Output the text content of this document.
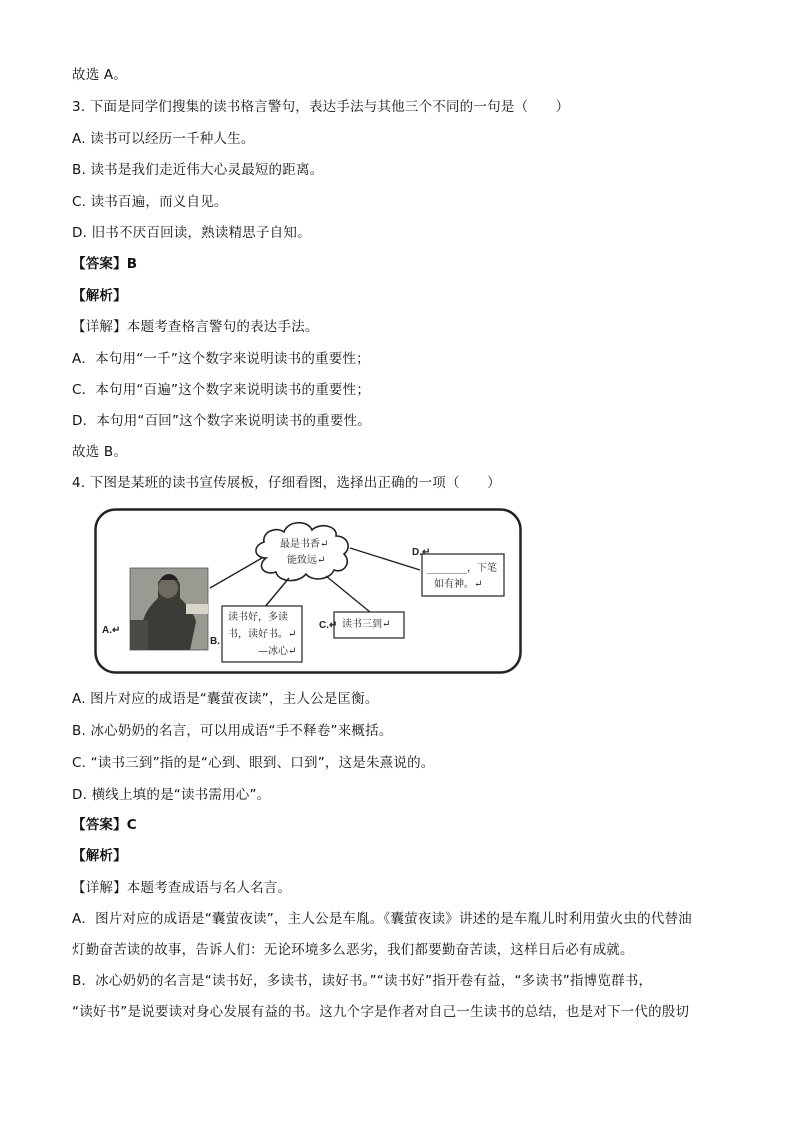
故选 A。
3. 下面是同学们搜集的读书格言警句，表达手法与其他三个不同的一句是（　　）
A. 读书可以经历一千种人生。
B. 读书是我们走近伟大心灵最短的距离。
C. 读书百遍，而义自见。
D. 旧书不厌百回读，熟读精思子自知。
【答案】B
【解析】
【详解】本题考查格言警句的表达手法。
A．本句用“一千”这个数字来说明读书的重要性；
C．本句用“百遍”这个数字来说明读书的重要性；
D．本句用“百回”这个数字来说明读书的重要性。
故选 B。
4. 下图是某班的读书宣传展板，仔细看图，选择出正确的一项（　　）
最是书香↵
能致远↵
A.↵
B.
C.↵
D.↵
读书好，多读
书，读好书。↵
—冰心↵
读书三到↵
________，下笔
如有神。↵
A. 图片对应的成语是“囊萤夜读”，主人公是匡衡。
B. 冰心奶奶的名言，可以用成语“手不释卷”来概括。
C. “读书三到”指的是“心到、眼到、口到”，这是朱熹说的。
D. 横线上填的是“读书需用心”。
【答案】C
【解析】
【详解】本题考查成语与名人名言。
A．图片对应的成语是“囊萤夜读”，主人公是车胤。《囊萤夜读》讲述的是车胤儿时利用萤火虫的代替油
灯勤奋苦读的故事，告诉人们：无论环境多么恶劣，我们都要勤奋苦读，这样日后必有成就。
B．冰心奶奶的名言是“读书好，多读书，读好书。”“读书好”指开卷有益，“多读书”指博览群书，
“读好书”是说要读对身心发展有益的书。这九个字是作者对自己一生读书的总结，也是对下一代的殷切
